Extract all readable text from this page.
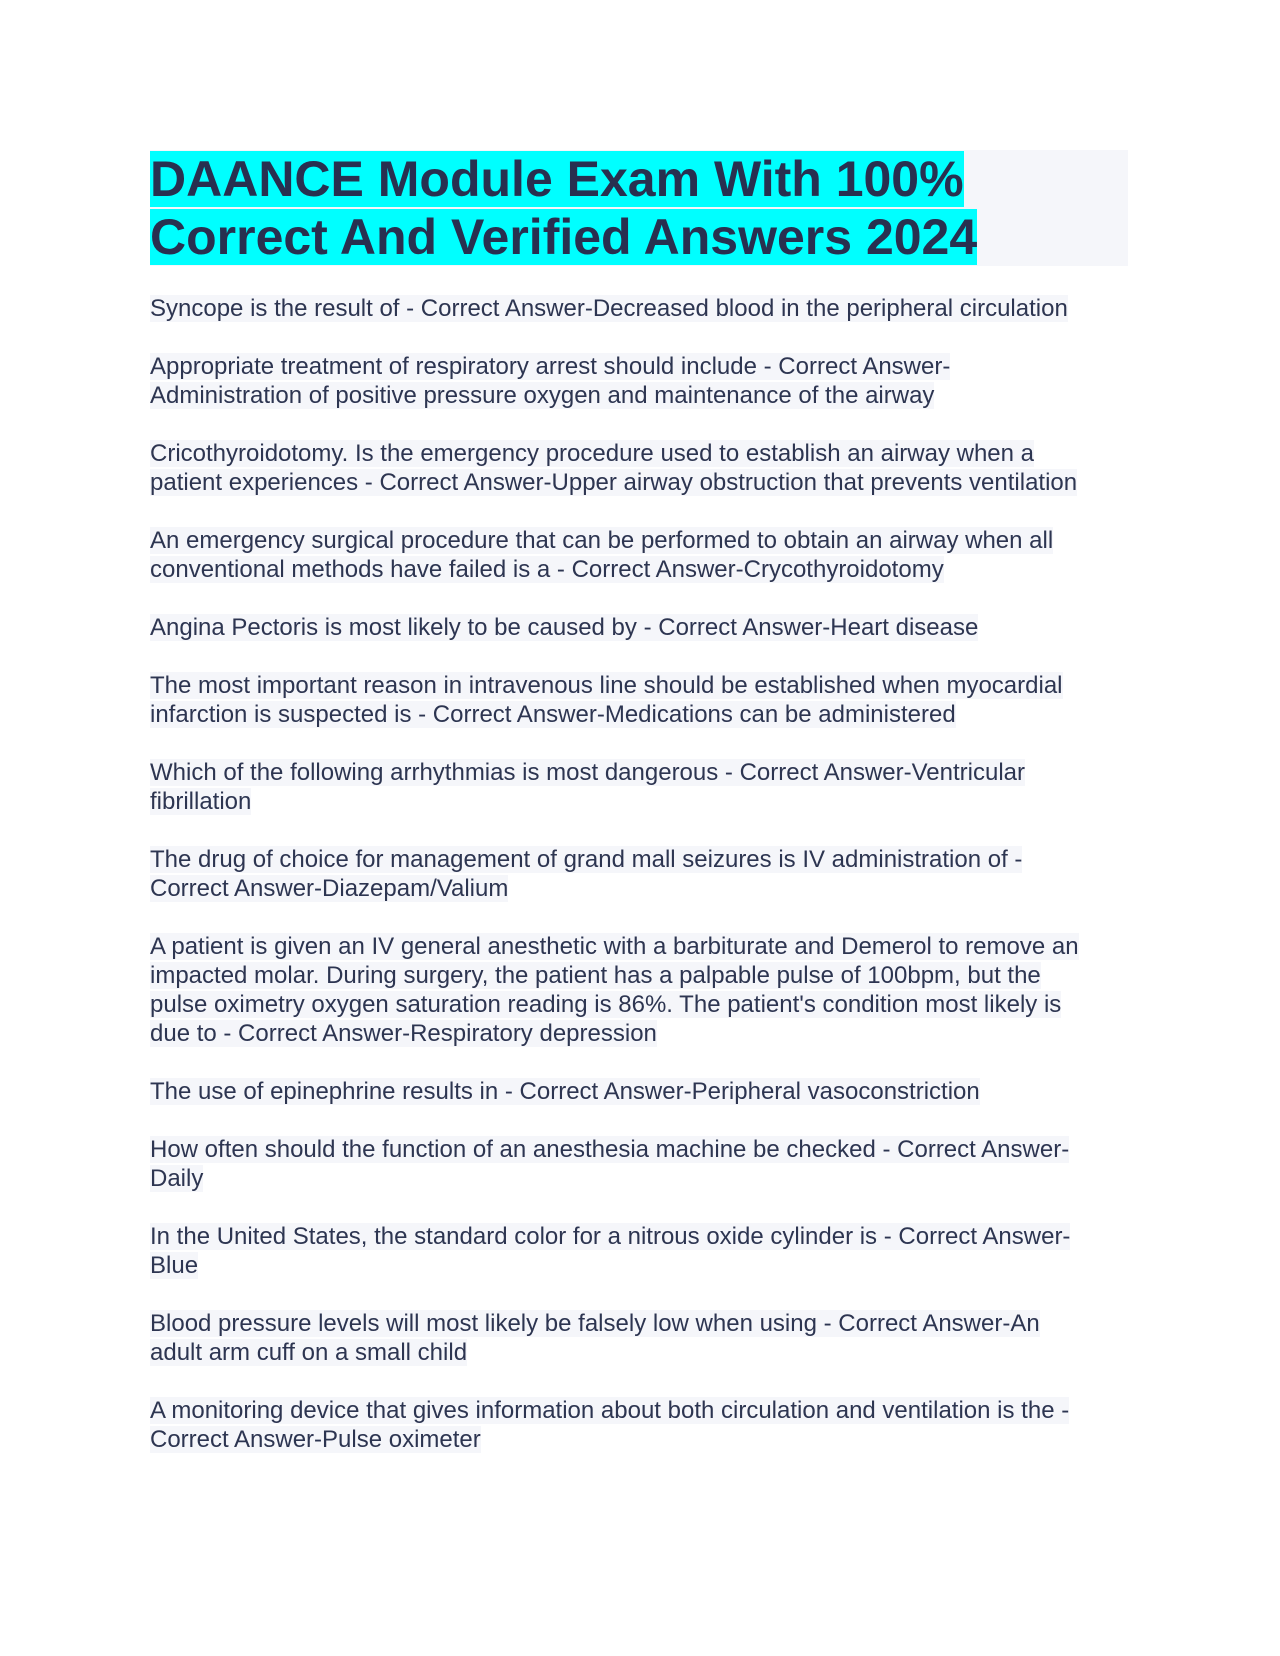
DAANCE Module Exam With 100%
Correct And Verified Answers 2024

Syncope is the result of - Correct Answer-Decreased blood in the peripheral circulation

Appropriate treatment of respiratory arrest should include - Correct Answer-
Administration of positive pressure oxygen and maintenance of the airway

Cricothyroidotomy. Is the emergency procedure used to establish an airway when a
patient experiences - Correct Answer-Upper airway obstruction that prevents ventilation

An emergency surgical procedure that can be performed to obtain an airway when all
conventional methods have failed is a - Correct Answer-Crycothyroidotomy

Angina Pectoris is most likely to be caused by - Correct Answer-Heart disease

The most important reason in intravenous line should be established when myocardial
infarction is suspected is - Correct Answer-Medications can be administered

Which of the following arrhythmias is most dangerous - Correct Answer-Ventricular
fibrillation

The drug of choice for management of grand mall seizures is IV administration of -
Correct Answer-Diazepam/Valium

A patient is given an IV general anesthetic with a barbiturate and Demerol to remove an
impacted molar. During surgery, the patient has a palpable pulse of 100bpm, but the
pulse oximetry oxygen saturation reading is 86%. The patient's condition most likely is
due to - Correct Answer-Respiratory depression

The use of epinephrine results in - Correct Answer-Peripheral vasoconstriction

How often should the function of an anesthesia machine be checked - Correct Answer-
Daily

In the United States, the standard color for a nitrous oxide cylinder is - Correct Answer-
Blue

Blood pressure levels will most likely be falsely low when using - Correct Answer-An
adult arm cuff on a small child

A monitoring device that gives information about both circulation and ventilation is the -
Correct Answer-Pulse oximeter
